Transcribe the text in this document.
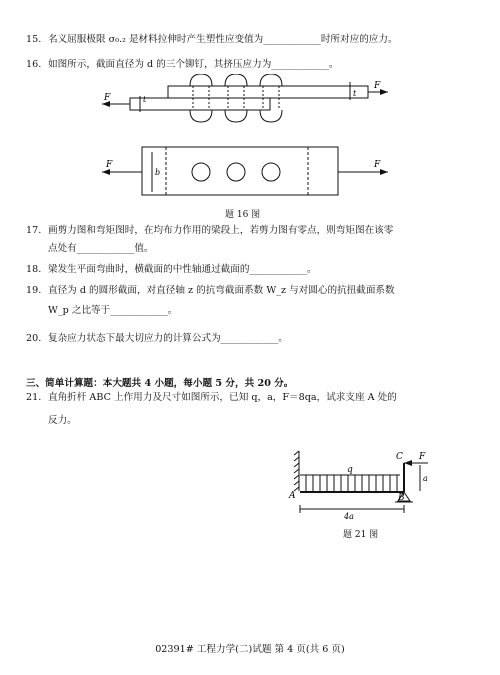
15. 名义屈服极限 σ₀.₂ 是材料拉伸时产生塑性应变值为____________时所对应的应力。
16. 如图所示，截面直径为 d 的三个铆钉，其挤压应力为____________。
F
F
t
t
F	F
b
题 16 图
17. 画剪力图和弯矩图时，在均布力作用的梁段上，若剪力图有零点，则弯矩图在该零
点处有____________值。
18. 梁发生平面弯曲时，横截面的中性轴通过截面的____________。
19. 直径为 d 的圆形截面，对直径轴 z 的抗弯截面系数 W_z 与对圆心的抗扭截面系数
W_p 之比等于____________。
20. 复杂应力状态下最大切应力的计算公式为____________。
三、简单计算题：本大题共 4 小题，每小题 5 分，共 20 分。
21. 直角折杆 ABC 上作用力及尺寸如图所示，已知 q，a，F＝8qa，试求支座 A 处的
反力。
q
A	B
C F
a
4a
题 21 图
02391# 工程力学(二)试题 第 4 页(共 6 页)
